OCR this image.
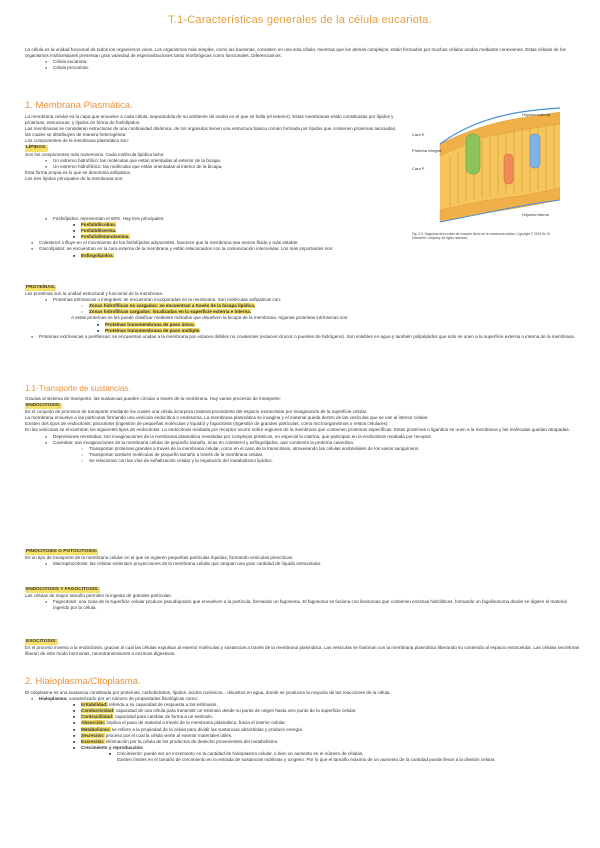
T.1-Características generales de la célula eucariota.

La célula es la unidad funcional de todos los organismos vivos. Los organismos más simples, como las bacterias, consisten en una sola célula, mientras que los demás complejos, están formados por muchas células unidas mediante conexiones. Estas células de los organismos multicelulares presentan gran variedad de especializaciones tanto morfológicas como funcionales. Diferenciamos:

● Célula eucariota.
● Célula procariota.
1. Membrana Plasmática.

La membrana celular es la capa que envuelve a cada célula, separándola de su ambiente de medio en el que se halla (el exterior). Estas membranas están constituidas por lípidos y proteínas, estructuras, y lípidos en forma de fosfolípidos.

Las membranas se consideran estructuras de una continuidad dinámica, de los orgánulos tienen una estructura básica común formada por lípidos que contienen proteínas asociadas, las cuales se distribuyen de manera heterogénea.

Los componentes de la membrana plasmática son:

LÍPIDOS.

Son los componentes más numerosos. Cada molécula lipídica tiene:

● Un extremo hidrofílico: las moléculas que están orientadas al exterior de la bicapa.
● Un extremo hidrofóbico: las moléculas que están orientadas al interior de la bicapa.

Esta forma propia es lo que se denomina anfipática.

Los tres lípidos principales de la membrana son:

● Fosfolípidos: representan el 50%. Hay tres principales:
■ Fosfatidilcolina.
■ Fosfatidilserina.
■ Fosfatidiletanolamina.
● Colesterol: influye en el movimiento de los fosfolípidos adyacentes, favorece que la membrana sea menos fluida y más estable.
● Glucolípidos: se encuentran en la cara externa de la membrana y están relacionados con la comunicación intercelular. Los más importantes son:
■ Esfingolípidos.
PROTEÍNAS.

Las proteínas son la unidad estructural y funcional de la membrana.

● Proteínas intrínsecas o integrales: se encuentran incorporadas en la membrana. Son moléculas anfipáticas con:
○ Zonas hidrofílicas no cargadas: se encuentran a través de la bicapa lipídica.
○ Zonas hidrofílicas cargadas: localizadas en la superficie externa e interna.
A estas proteínas se les puede clasificar mediante métodos que disuelven la bicapa de la membrana. Algunas proteínas intrínsecas son:
■ Proteínas transmembrana de paso único.
■ Proteínas transmembrana de paso múltiple.
● Proteínas extrínsecas o periféricas: se encuentran unidas a la membrana por enlaces débiles no covalentes (enlaces iónicos o puentes de hidrógeno). Son solubles en agua y también polipéptidos que solo se unen a la superficie externa o interna de la membrana.
1.1-Transporte de sustancias.

Gracias al sistema de transporte, las sustancias pueden circular a través de la membrana. Hay varios procesos de transporte:

ENDOCITOSIS:

Es el conjunto de procesos de transporte mediante los cuales una célula incorpora material procedente del espacio extracelular por invaginación de la superficie celular.

La membrana envuelve a las partículas formando una vesícula endocítica o endosoma. La membrana plasmática se invagina y el material queda dentro de las vesículas que se van al interior celular.

Existen dos tipos de endocitosis: pinocitosis (ingestión de pequeñas moléculas y líquido) y fagocitosis (ingestión de grandes partículas, como microorganismos o restos celulares).

En las vesículas se encuentran los siguientes tipos de endocitosis: La endocitosis mediada por receptor ocurre sobre regiones de la membrana que contienen proteínas específicas. Estas proteínas o ligandos se unen a la membrana y las moléculas quedan atrapadas.

● Depresiones revestidas: son invaginaciones de la membrana plasmática revestidas por complejos proteicos, en especial la clatrina, que participan en la endocitosis mediada por receptor.
● Cavéolas: son invaginaciones de la membrana celular de pequeño tamaño, ricas en colesterol y esfingolípidos, que contienen la proteína caveolina.
○ Transportan proteínas grandes a través de la membrana celular, como en el caso de la transcitosis, atravesando las células endoteliales de los vasos sanguíneos.
○ Transportan también moléculas de pequeño tamaño a través de la membrana celular.
○ Se relacionan con las vías de señalización celular y la regulación del metabolismo lipídico.
PINOCITOSIS O POTOCITOSIS:

Es un tipo de transporte de la membrana celular en el que se ingieren pequeñas partículas líquidas, formando vesículas pinocíticas.

● Macropinocitosis: las células extienden proyecciones de la membrana celular que atrapan una gran cantidad de líquido extracelular.
ENDOCITOSIS Y FAGOCITOSIS:

Las células de mayor tamaño permiten la ingesta de grandes partículas.

● Fagocitosis: una zona de la superficie celular produce pseudópodos que envuelven a la partícula, formando un fagosoma. El fagosoma se fusiona con lisosomas que contienen enzimas hidrolíticas, formando un fagolisosoma donde se digiere el material ingerido por la célula.
EXOCITOSIS:

Es el proceso inverso a la endocitosis, gracias al cual las células expulsan al exterior moléculas y sustancias a través de la membrana plasmática. Las vesículas se fusionan con la membrana plasmática liberando su contenido al espacio extracelular. Las células secretoras liberan de este modo hormonas, neurotransmisores o enzimas digestivas.

2. Hialoplasma/Citoplasma.

El citoplasma es una sustancia constituida por proteínas, carbohidratos, lípidos, ácidos nucleicos... disueltos en agua, donde se producen la mayoría de las reacciones de la célula.

● Hialoplasma: caracterizado por un número de propiedades fisiológicas como:
■ Irritabilidad: referida a su capacidad de respuesta a los estímulos.
■ Conductividad: capacidad de una célula para transmitir un estímulo desde su punto de origen hasta otro punto de la superficie celular.
■ Contractilidad: capacidad para cambiar de forma a un estímulo.
■ Absorción: implica el paso de material a través de la membrana plasmática, hacia el interior celular.
■ Metabolismo: se refiere a la propiedad de la célula para dividir las sustancias absorbidas y producir energía.
■ Secreción: proceso por el cual la célula vierte al exterior materiales útiles.
■ Excreción: eliminación por la célula de los productos de desecho provenientes del metabolismo.
■ Crecimiento y reproducción:
■ Crecimiento: puede ser un incremento en la cantidad de hialoplasma celular, o bien un aumento en el número de células.
Existen límites en el tamaño de crecimiento en la entrada de sustancias nutritivas y oxígeno. Por lo que el tamaño máximo de un aumento de la cantidad puede llevar a la división celular.
Hojuela externa
Cara E
Proteína integral
Cara P
Hojuela interna
Fig. 2-9. Diagrama del modelo de mosaico fluido de la membrana celular. Copyright © 2015 W. W. Saunders Company. All rights reserved.
